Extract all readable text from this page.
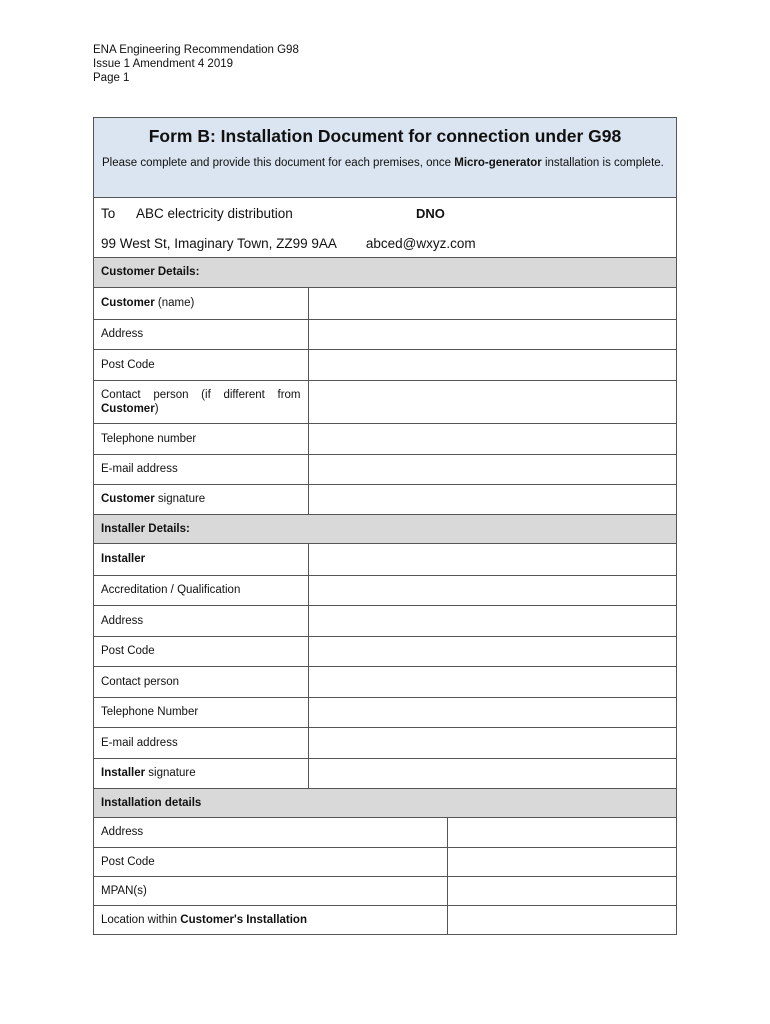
ENA Engineering Recommendation G98
Issue 1 Amendment 4 2019
Page 1
Form B: Installation Document for connection under G98
Please complete and provide this document for each premises, once Micro-generator installation is complete.
To ABC electricity distribution	DNO
99 West St, Imaginary Town, ZZ99 9AA abced@wxyz.com
Customer Details:
Customer (name)	
Address	
Post Code	
Contact person (if different from Customer)	
Telephone number	
E-mail address	
Customer signature	
Installer Details:
Installer	
Accreditation / Qualification	
Address	
Post Code	
Contact person	
Telephone Number	
E-mail address	
Installer signature	
Installation details
Address	
Post Code	
MPAN(s)	
Location within Customer's Installation	
